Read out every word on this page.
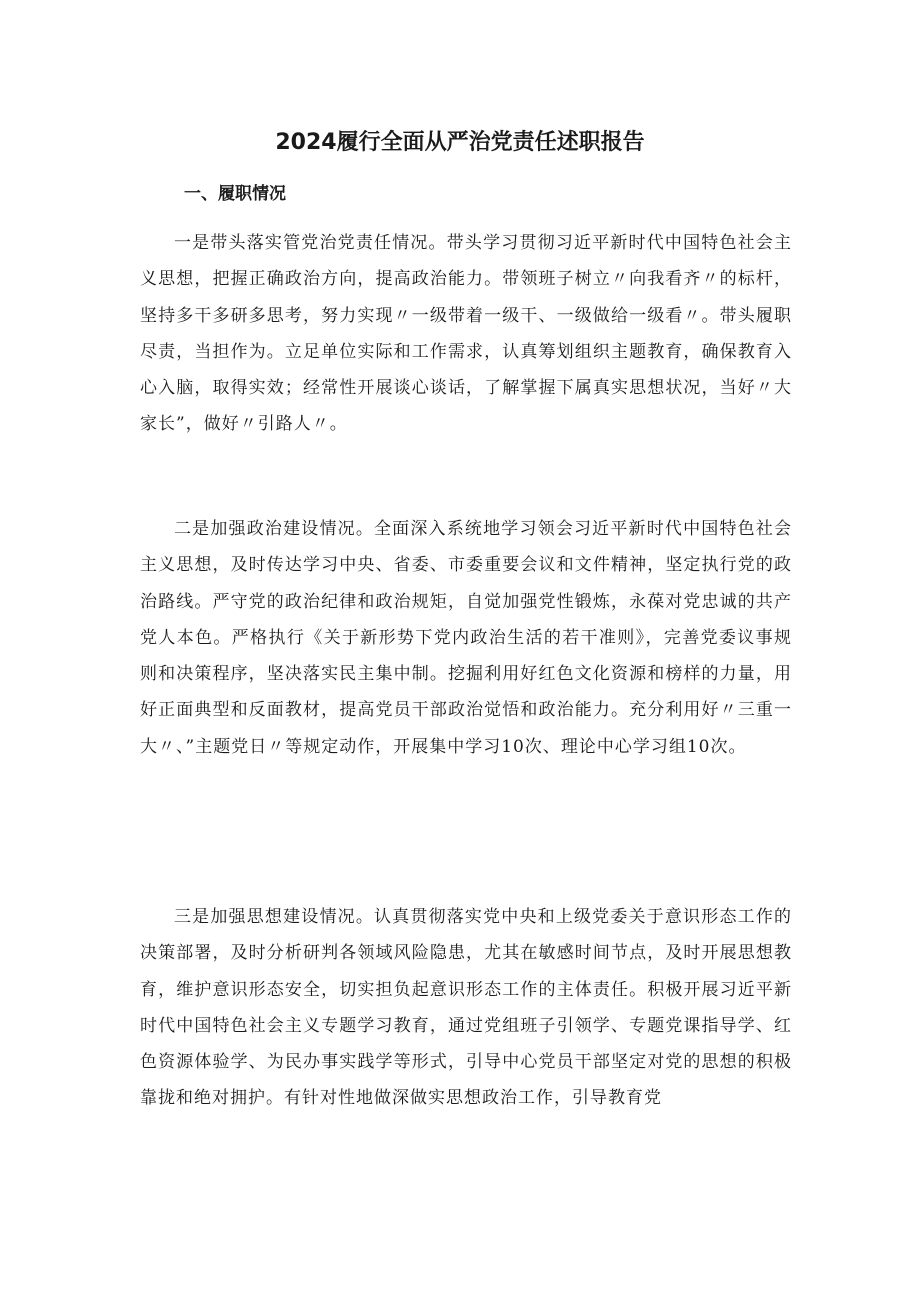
2024履行全面从严治党责任述职报告
一、履职情况

一是带头落实管党治党责任情况。带头学习贯彻习近平新时代中国特色社会主义思想，把握正确政治方向，提高政治能力。带领班子树立〃向我看齐〃的标杆，坚持多干多研多思考，努力实现〃一级带着一级干、一级做给一级看〃。带头履职尽责，当担作为。立足单位实际和工作需求，认真筹划组织主题教育，确保教育入心入脑，取得实效；经常性开展谈心谈话，了解掌握下属真实思想状况，当好〃大家长”，做好〃引路人〃。

二是加强政治建设情况。全面深入系统地学习领会习近平新时代中国特色社会主义思想，及时传达学习中央、省委、市委重要会议和文件精神，坚定执行党的政治路线。严守党的政治纪律和政治规矩，自觉加强党性锻炼，永葆对党忠诚的共产党人本色。严格执行《关于新形势下党内政治生活的若干准则》，完善党委议事规则和决策程序，坚决落实民主集中制。挖掘利用好红色文化资源和榜样的力量，用好正面典型和反面教材，提高党员干部政治觉悟和政治能力。充分利用好〃三重一大〃、”主题党日〃等规定动作，开展集中学习10次、理论中心学习组10次。

三是加强思想建设情况。认真贯彻落实党中央和上级党委关于意识形态工作的决策部署，及时分析研判各领域风险隐患，尤其在敏感时间节点，及时开展思想教育，维护意识形态安全，切实担负起意识形态工作的主体责任。积极开展习近平新时代中国特色社会主义专题学习教育，通过党组班子引领学、专题党课指导学、红色资源体验学、为民办事实践学等形式，引导中心党员干部坚定对党的思想的积极靠拢和绝对拥护。有针对性地做深做实思想政治工作，引导教育党
